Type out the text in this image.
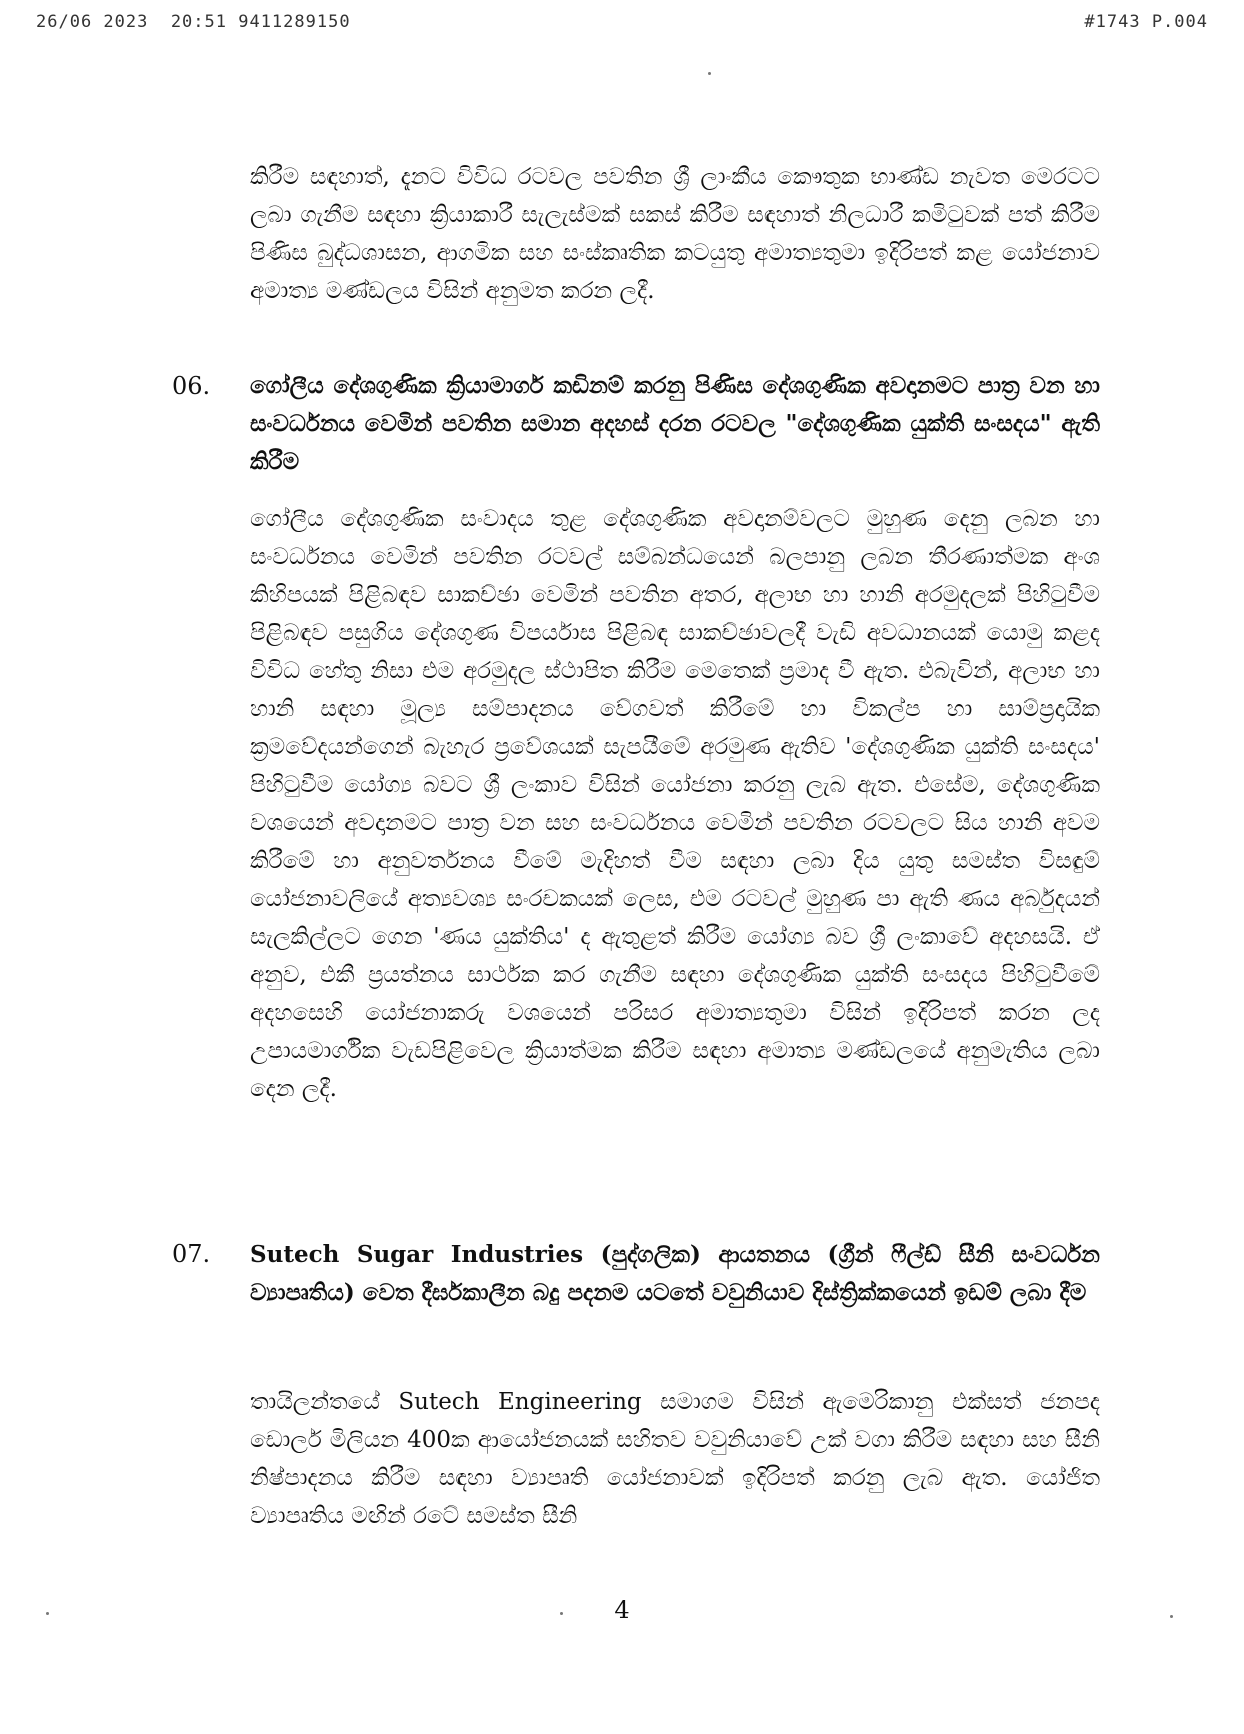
26/06 2023  20:51 9411289150	#1743 P.004

කිරීම සඳහාත්, දැනට විවිධ රටවල පවතින ශ්‍රී ලාංකීය කෞතුක භාණ්ඩ නැවත මෙරටට ලබා ගැනීම සඳහා ක්‍රියාකාරී සැලැස්මක් සකස් කිරීම සඳහාත් නිලධාරී කමිටුවක් පත් කිරීම පිණිස බුද්ධශාසන, ආගමික සහ සංස්කෘතික කටයුතු අමාත්‍යතුමා ඉදිරිපත් කළ යෝජනාව අමාත්‍ය මණ්ඩලය විසින් අනුමත කරන ලදී.

06. ගෝලීය දේශගුණික ක්‍රියාමාර්ග කඩිනම් කරනු පිණිස දේශගුණික අවදානමට පාත්‍ර වන හා සංවර්ධනය වෙමින් පවතින සමාන අදහස් දරන රටවල "දේශගුණික යුක්ති සංසදය" ඇති කිරීම

ගෝලීය දේශගුණික සංවාදය තුළ දේශගුණික අවදානම්වලට මුහුණ දෙනු ලබන හා සංවර්ධනය වෙමින් පවතින රටවල් සම්බන්ධයෙන් බලපානු ලබන තීරණාත්මක අංශ කිහිපයක් පිළිබඳව සාකච්ඡා වෙමින් පවතින අතර, අලාභ හා හානි අරමුදලක් පිහිටුවීම පිළිබඳව පසුගිය දේශගුණ විපර්යාස පිළිබඳ සාකච්ඡාවලදී වැඩි අවධානයක් යොමු කළද විවිධ හේතු නිසා එම අරමුදල ස්ථාපිත කිරීම මෙතෙක් ප්‍රමාද වී ඇත. එබැවින්, අලාභ හා හානි සඳහා මූල්‍ය සම්පාදනය වේගවත් කිරීමේ හා විකල්ප හා සාම්ප්‍රදායික ක්‍රමවේදයන්ගෙන් බැහැර ප්‍රවේශයක් සැපයීමේ අරමුණ ඇතිව 'දේශගුණික යුක්ති සංසදය' පිහිටුවීම යෝග්‍ය බවට ශ්‍රී ලංකාව විසින් යෝජනා කරනු ලැබ ඇත. එසේම, දේශගුණික වශයෙන් අවදානමට පාත්‍ර වන සහ සංවර්ධනය වෙමින් පවතින රටවලට සිය හානි අවම කිරීමේ හා අනුවර්තනය වීමේ මැදිහත් වීම සඳහා ලබා දිය යුතු සමස්ත විසඳුම් යෝජනාවලියේ අත්‍යවශ්‍ය සංරචකයක් ලෙස, එම රටවල් මුහුණ පා ඇති ණය අර්බුදයන් සැලකිල්ලට ගෙන 'ණය යුක්තිය' ද ඇතුළත් කිරීම යෝග්‍ය බව ශ්‍රී ලංකාවේ අදහසයි. ඒ අනුව, එකී ප්‍රයත්නය සාර්ථක කර ගැනීම සඳහා දේශගුණික යුක්ති සංසදය පිහිටුවීමේ අදහසෙහි යෝජනාකරු වශයෙන් පරිසර අමාත්‍යතුමා විසින් ඉදිරිපත් කරන ලද උපායමාර්ගික වැඩපිළිවෙල ක්‍රියාත්මක කිරීම සඳහා අමාත්‍ය මණ්ඩලයේ අනුමැතිය ලබා දෙන ලදී.

07. Sutech Sugar Industries (පුද්ගලික) ආයතනය (ග්‍රීන් ෆීල්ඩ් සීනි සංවර්ධන ව්‍යාපෘතිය) වෙත දීර්ඝකාලීන බදු පදනම යටතේ වවුනියාව දිස්ත්‍රික්කයෙන් ඉඩම් ලබා දීම

තායිලන්තයේ Sutech Engineering සමාගම විසින් ඇමෙරිකානු එක්සත් ජනපද ඩොලර් මිලියන 400ක ආයෝජනයක් සහිතව වවුනියාවේ උක් වගා කිරීම සඳහා සහ සීනි නිෂ්පාදනය කිරීම සඳහා ව්‍යාපෘති යෝජනාවක් ඉදිරිපත් කරනු ලැබ ඇත. යෝජිත ව්‍යාපෘතිය මඟින් රටේ සමස්ත සීනි

4
